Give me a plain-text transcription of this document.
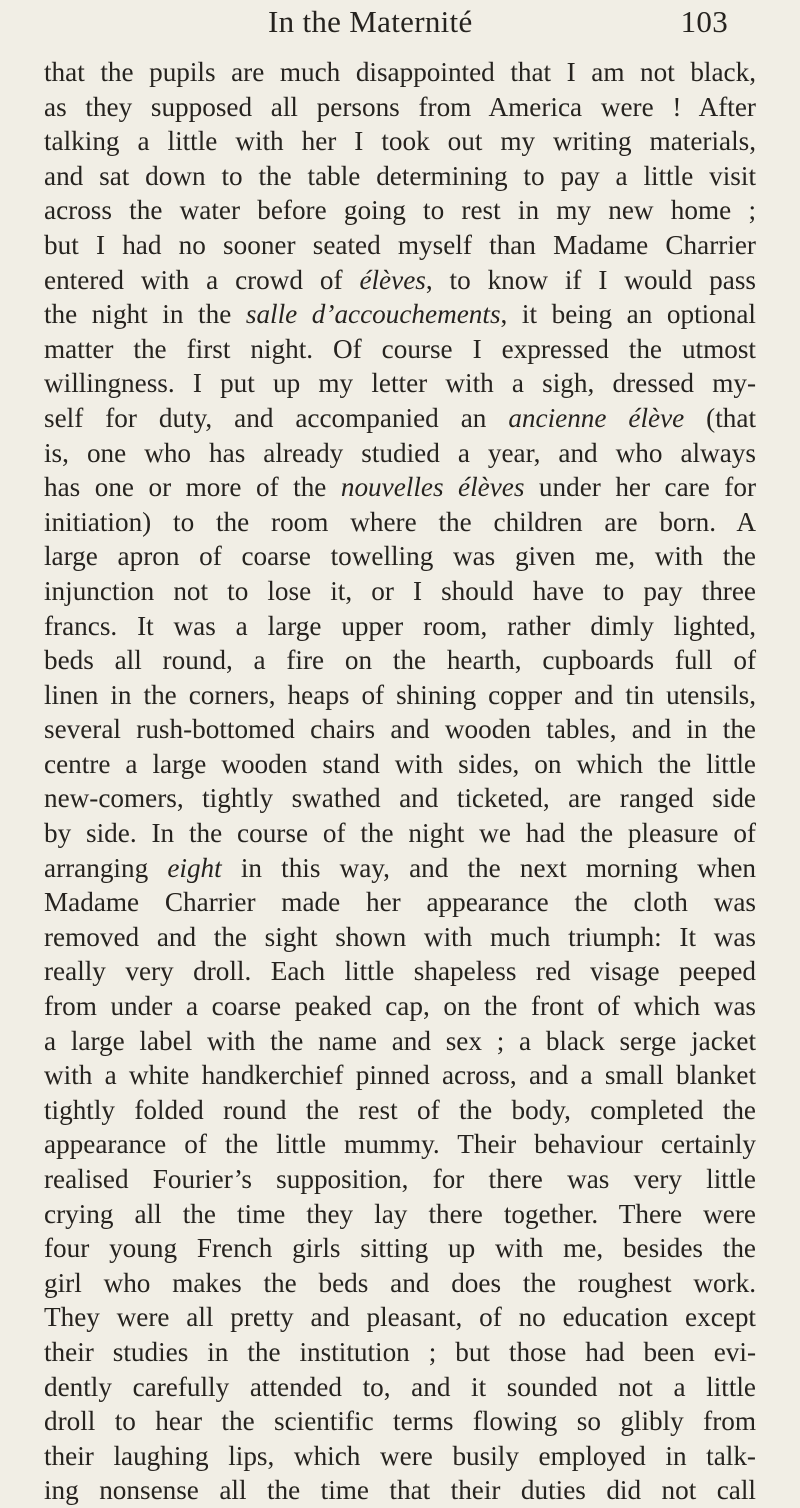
In the Maternité	103
that the pupils are much disappointed that I am not black,
as they supposed all persons from America were ! After
talking a little with her I took out my writing materials,
and sat down to the table determining to pay a little visit
across the water before going to rest in my new home ;
but I had no sooner seated myself than Madame Charrier
entered with a crowd of élèves, to know if I would pass
the night in the salle d’accouchements, it being an optional
matter the first night. Of course I expressed the utmost
willingness. I put up my letter with a sigh, dressed my-
self for duty, and accompanied an ancienne élève (that
is, one who has already studied a year, and who always
has one or more of the nouvelles élèves under her care for
initiation) to the room where the children are born. A
large apron of coarse towelling was given me, with the
injunction not to lose it, or I should have to pay three
francs. It was a large upper room, rather dimly lighted,
beds all round, a fire on the hearth, cupboards full of
linen in the corners, heaps of shining copper and tin utensils,
several rush-bottomed chairs and wooden tables, and in the
centre a large wooden stand with sides, on which the little
new-comers, tightly swathed and ticketed, are ranged side
by side. In the course of the night we had the pleasure of
arranging eight in this way, and the next morning when
Madame Charrier made her appearance the cloth was
removed and the sight shown with much triumph: It was
really very droll. Each little shapeless red visage peeped
from under a coarse peaked cap, on the front of which was
a large label with the name and sex ; a black serge jacket
with a white handkerchief pinned across, and a small blanket
tightly folded round the rest of the body, completed the
appearance of the little mummy. Their behaviour certainly
realised Fourier’s supposition, for there was very little
crying all the time they lay there together. There were
four young French girls sitting up with me, besides the
girl who makes the beds and does the roughest work.
They were all pretty and pleasant, of no education except
their studies in the institution ; but those had been evi-
dently carefully attended to, and it sounded not a little
droll to hear the scientific terms flowing so glibly from
their laughing lips, which were busily employed in talk-
ing nonsense all the time that their duties did not call
